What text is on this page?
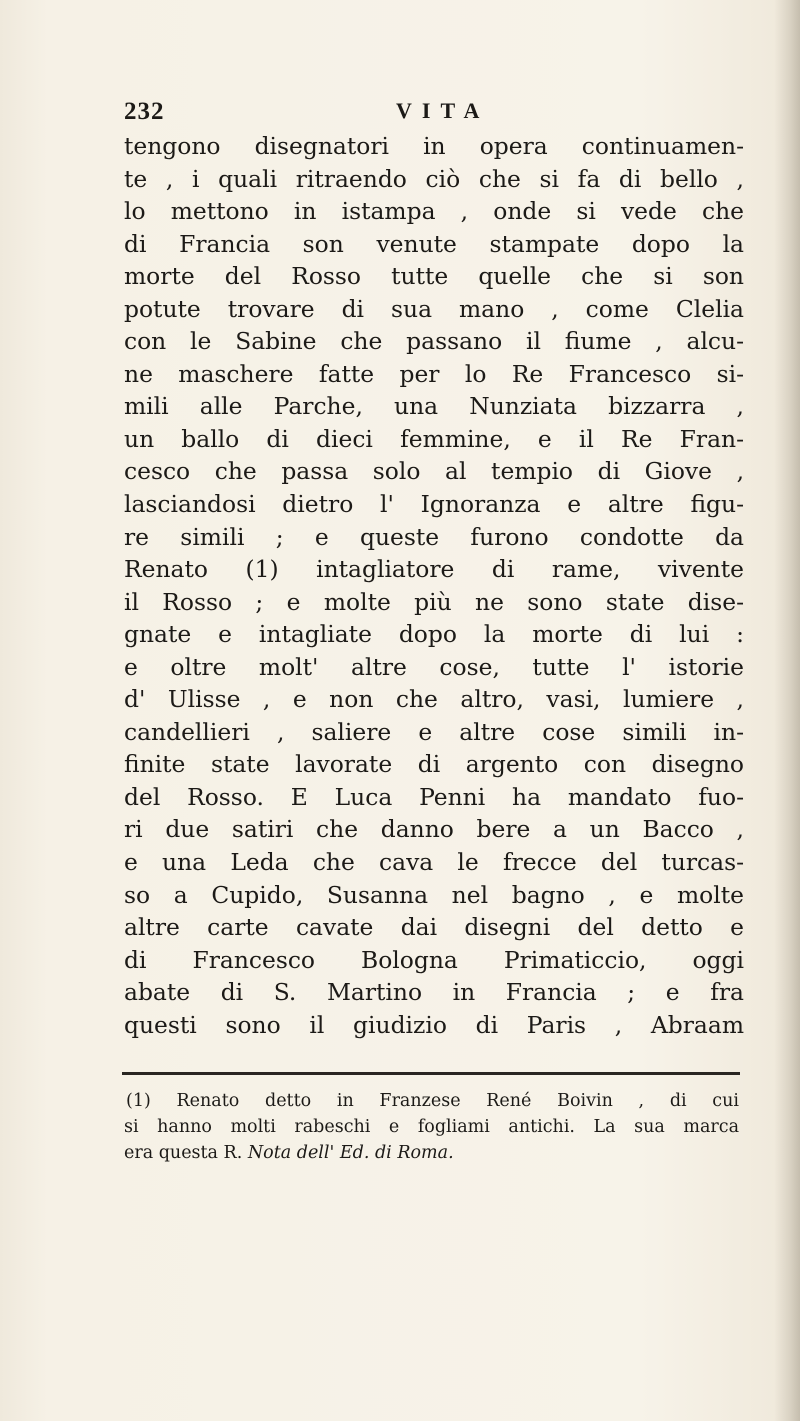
232	VITA
tengono disegnatori in opera continuamen-
te , i quali ritraendo ciò che si fa di bello ,
lo mettono in istampa , onde si vede che
di Francia son venute stampate dopo la
morte del Rosso tutte quelle che si son
potute trovare di sua mano , come Clelia
con le Sabine che passano il fiume , alcu-
ne maschere fatte per lo Re Francesco si-
mili alle Parche, una Nunziata bizzarra ,
un ballo di dieci femmine, e il Re Fran-
cesco che passa solo al tempio di Giove ,
lasciandosi dietro l' Ignoranza e altre figu-
re simili ; e queste furono condotte da
Renato (1) intagliatore di rame, vivente
il Rosso ; e molte più ne sono state dise-
gnate e intagliate dopo la morte di lui :
e oltre molt' altre cose, tutte l' istorie
d' Ulisse , e non che altro, vasi, lumiere ,
candellieri , saliere e altre cose simili in-
finite state lavorate di argento con disegno
del Rosso. E Luca Penni ha mandato fuo-
ri due satiri che danno bere a un Bacco ,
e una Leda che cava le frecce del turcas-
so a Cupido, Susanna nel bagno , e molte
altre carte cavate dai disegni del detto e
di Francesco Bologna Primaticcio, oggi
abate di S. Martino in Francia ; e fra
questi sono il giudizio di Paris , Abraam
(1) Renato detto in Franzese René Boivin , di cui
si hanno molti rabeschi e fogliami antichi. La sua marca
era questa R. Nota dell' Ed. di Roma.
